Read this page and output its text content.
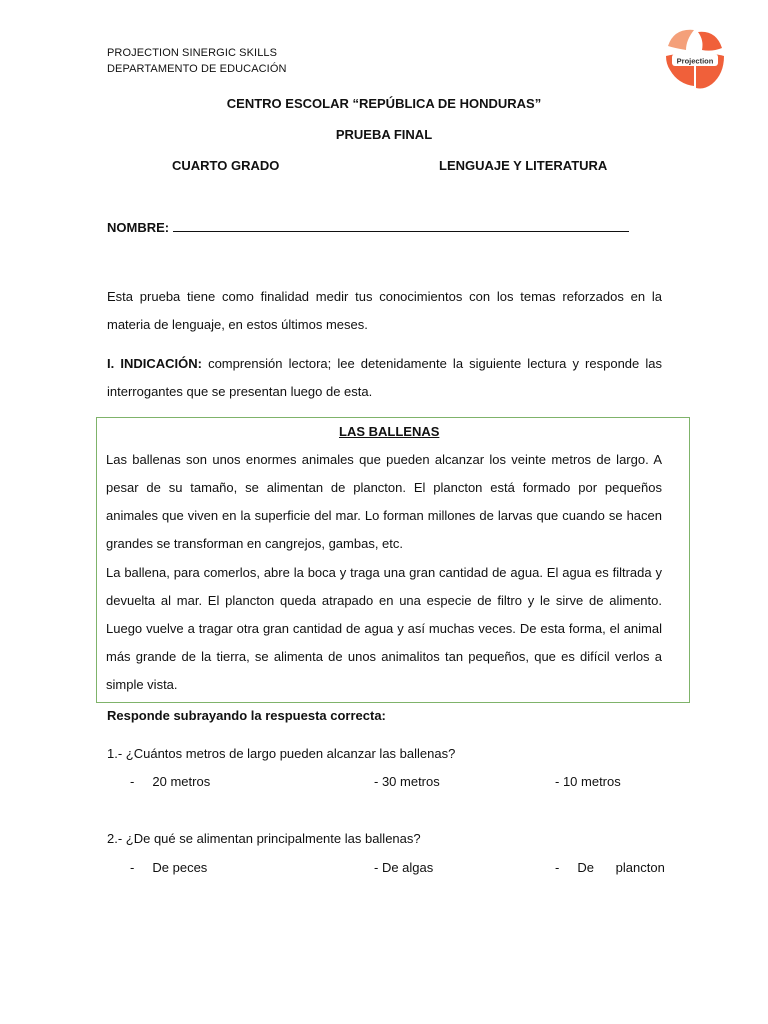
PROJECTION SINERGIC SKILLS
DEPARTAMENTO DE EDUCACIÓN
Projection
CENTRO ESCOLAR “REPÚBLICA DE HONDURAS”
PRUEBA FINAL
CUARTO GRADO	LENGUAJE Y LITERATURA
NOMBRE:
Esta prueba tiene como finalidad medir tus conocimientos con los temas reforzados en la materia de lenguaje, en estos últimos meses.
I. INDICACIÓN: comprensión lectora; lee detenidamente la siguiente lectura y responde las interrogantes que se presentan luego de esta.
LAS BALLENAS
Las ballenas son unos enormes animales que pueden alcanzar los veinte metros de largo. A pesar de su tamaño, se alimentan de plancton. El plancton está formado por pequeños animales que viven en la superficie del mar. Lo forman millones de larvas que cuando se hacen grandes se transforman en cangrejos, gambas, etc.
La ballena, para comerlos, abre la boca y traga una gran cantidad de agua. El agua es filtrada y devuelta al mar. El plancton queda atrapado en una especie de filtro y le sirve de alimento. Luego vuelve a tragar otra gran cantidad de agua y así muchas veces. De esta forma, el animal más grande de la tierra, se alimenta de unos animalitos tan pequeños, que es difícil verlos a simple vista.
Responde subrayando la respuesta correcta:
1.- ¿Cuántos metros de largo pueden alcanzar las ballenas?
-     20 metros	- 30 metros	- 10 metros
2.- ¿De qué se alimentan principalmente las ballenas?
-     De peces	- De algas	-     De      plancton
